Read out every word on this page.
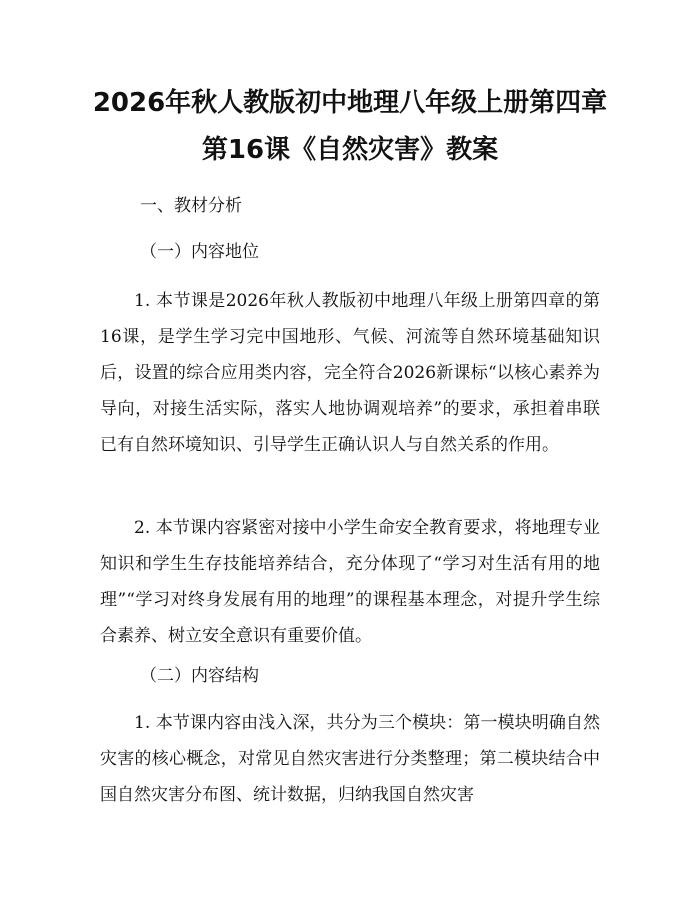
2026年秋人教版初中地理八年级上册第四章
第16课《自然灾害》教案

一、教材分析

（一）内容地位

1. 本节课是2026年秋人教版初中地理八年级上册第四章的第16课，是学生学习完中国地形、气候、河流等自然环境基础知识后，设置的综合应用类内容，完全符合2026新课标“以核心素养为导向，对接生活实际，落实人地协调观培养”的要求，承担着串联已有自然环境知识、引导学生正确认识人与自然关系的作用。

2. 本节课内容紧密对接中小学生命安全教育要求，将地理专业知识和学生生存技能培养结合，充分体现了“学习对生活有用的地理”“学习对终身发展有用的地理”的课程基本理念，对提升学生综合素养、树立安全意识有重要价值。

（二）内容结构

1. 本节课内容由浅入深，共分为三个模块：第一模块明确自然灾害的核心概念，对常见自然灾害进行分类整理；第二模块结合中国自然灾害分布图、统计数据，归纳我国自然灾害
